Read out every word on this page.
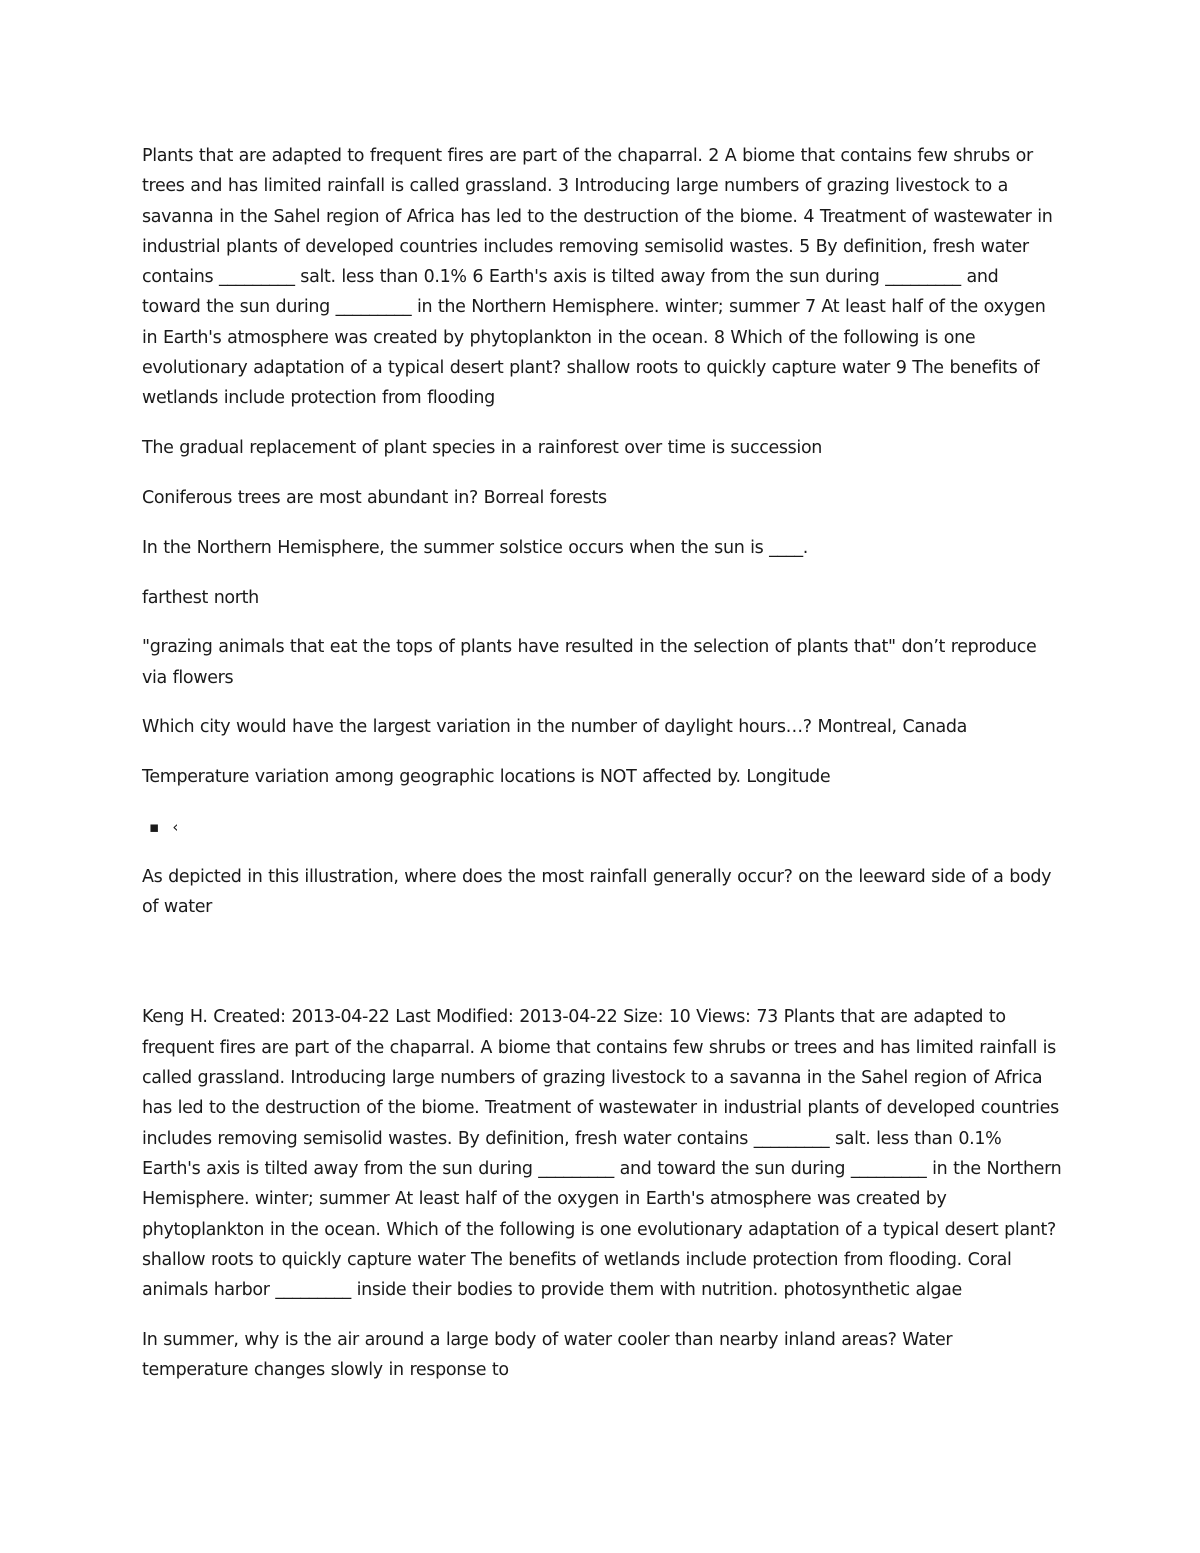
Plants that are adapted to frequent fires are part of the chaparral. 2 A biome that contains few shrubs or trees and has limited rainfall is called grassland. 3 Introducing large numbers of grazing livestock to a savanna in the Sahel region of Africa has led to the destruction of the biome. 4 Treatment of wastewater in industrial plants of developed countries includes removing semisolid wastes. 5 By definition, fresh water contains _________ salt. less than 0.1% 6 Earth's axis is tilted away from the sun during _________ and toward the sun during _________ in the Northern Hemisphere. winter; summer 7 At least half of the oxygen in Earth's atmosphere was created by phytoplankton in the ocean. 8 Which of the following is one evolutionary adaptation of a typical desert plant? shallow roots to quickly capture water 9 The benefits of wetlands include protection from flooding

The gradual replacement of plant species in a rainforest over time is succession

Coniferous trees are most abundant in? Borreal forests

In the Northern Hemisphere, the summer solstice occurs when the sun is ____.

farthest north

"grazing animals that eat the tops of plants have resulted in the selection of plants that" don’t reproduce via flowers

Which city would have the largest variation in the number of daylight hours…? Montreal, Canada

Temperature variation among geographic locations is NOT affected by. Longitude

▪ ‹

As depicted in this illustration, where does the most rainfall generally occur? on the leeward side of a body of water

Keng H. Created: 2013-04-22 Last Modified: 2013-04-22 Size: 10 Views: 73 Plants that are adapted to frequent fires are part of the chaparral. A biome that contains few shrubs or trees and has limited rainfall is called grassland. Introducing large numbers of grazing livestock to a savanna in the Sahel region of Africa has led to the destruction of the biome. Treatment of wastewater in industrial plants of developed countries includes removing semisolid wastes. By definition, fresh water contains _________ salt. less than 0.1% Earth's axis is tilted away from the sun during _________ and toward the sun during _________ in the Northern Hemisphere. winter; summer At least half of the oxygen in Earth's atmosphere was created by phytoplankton in the ocean. Which of the following is one evolutionary adaptation of a typical desert plant? shallow roots to quickly capture water The benefits of wetlands include protection from flooding. Coral animals harbor _________ inside their bodies to provide them with nutrition. photosynthetic algae

In summer, why is the air around a large body of water cooler than nearby inland areas? Water temperature changes slowly in response to
